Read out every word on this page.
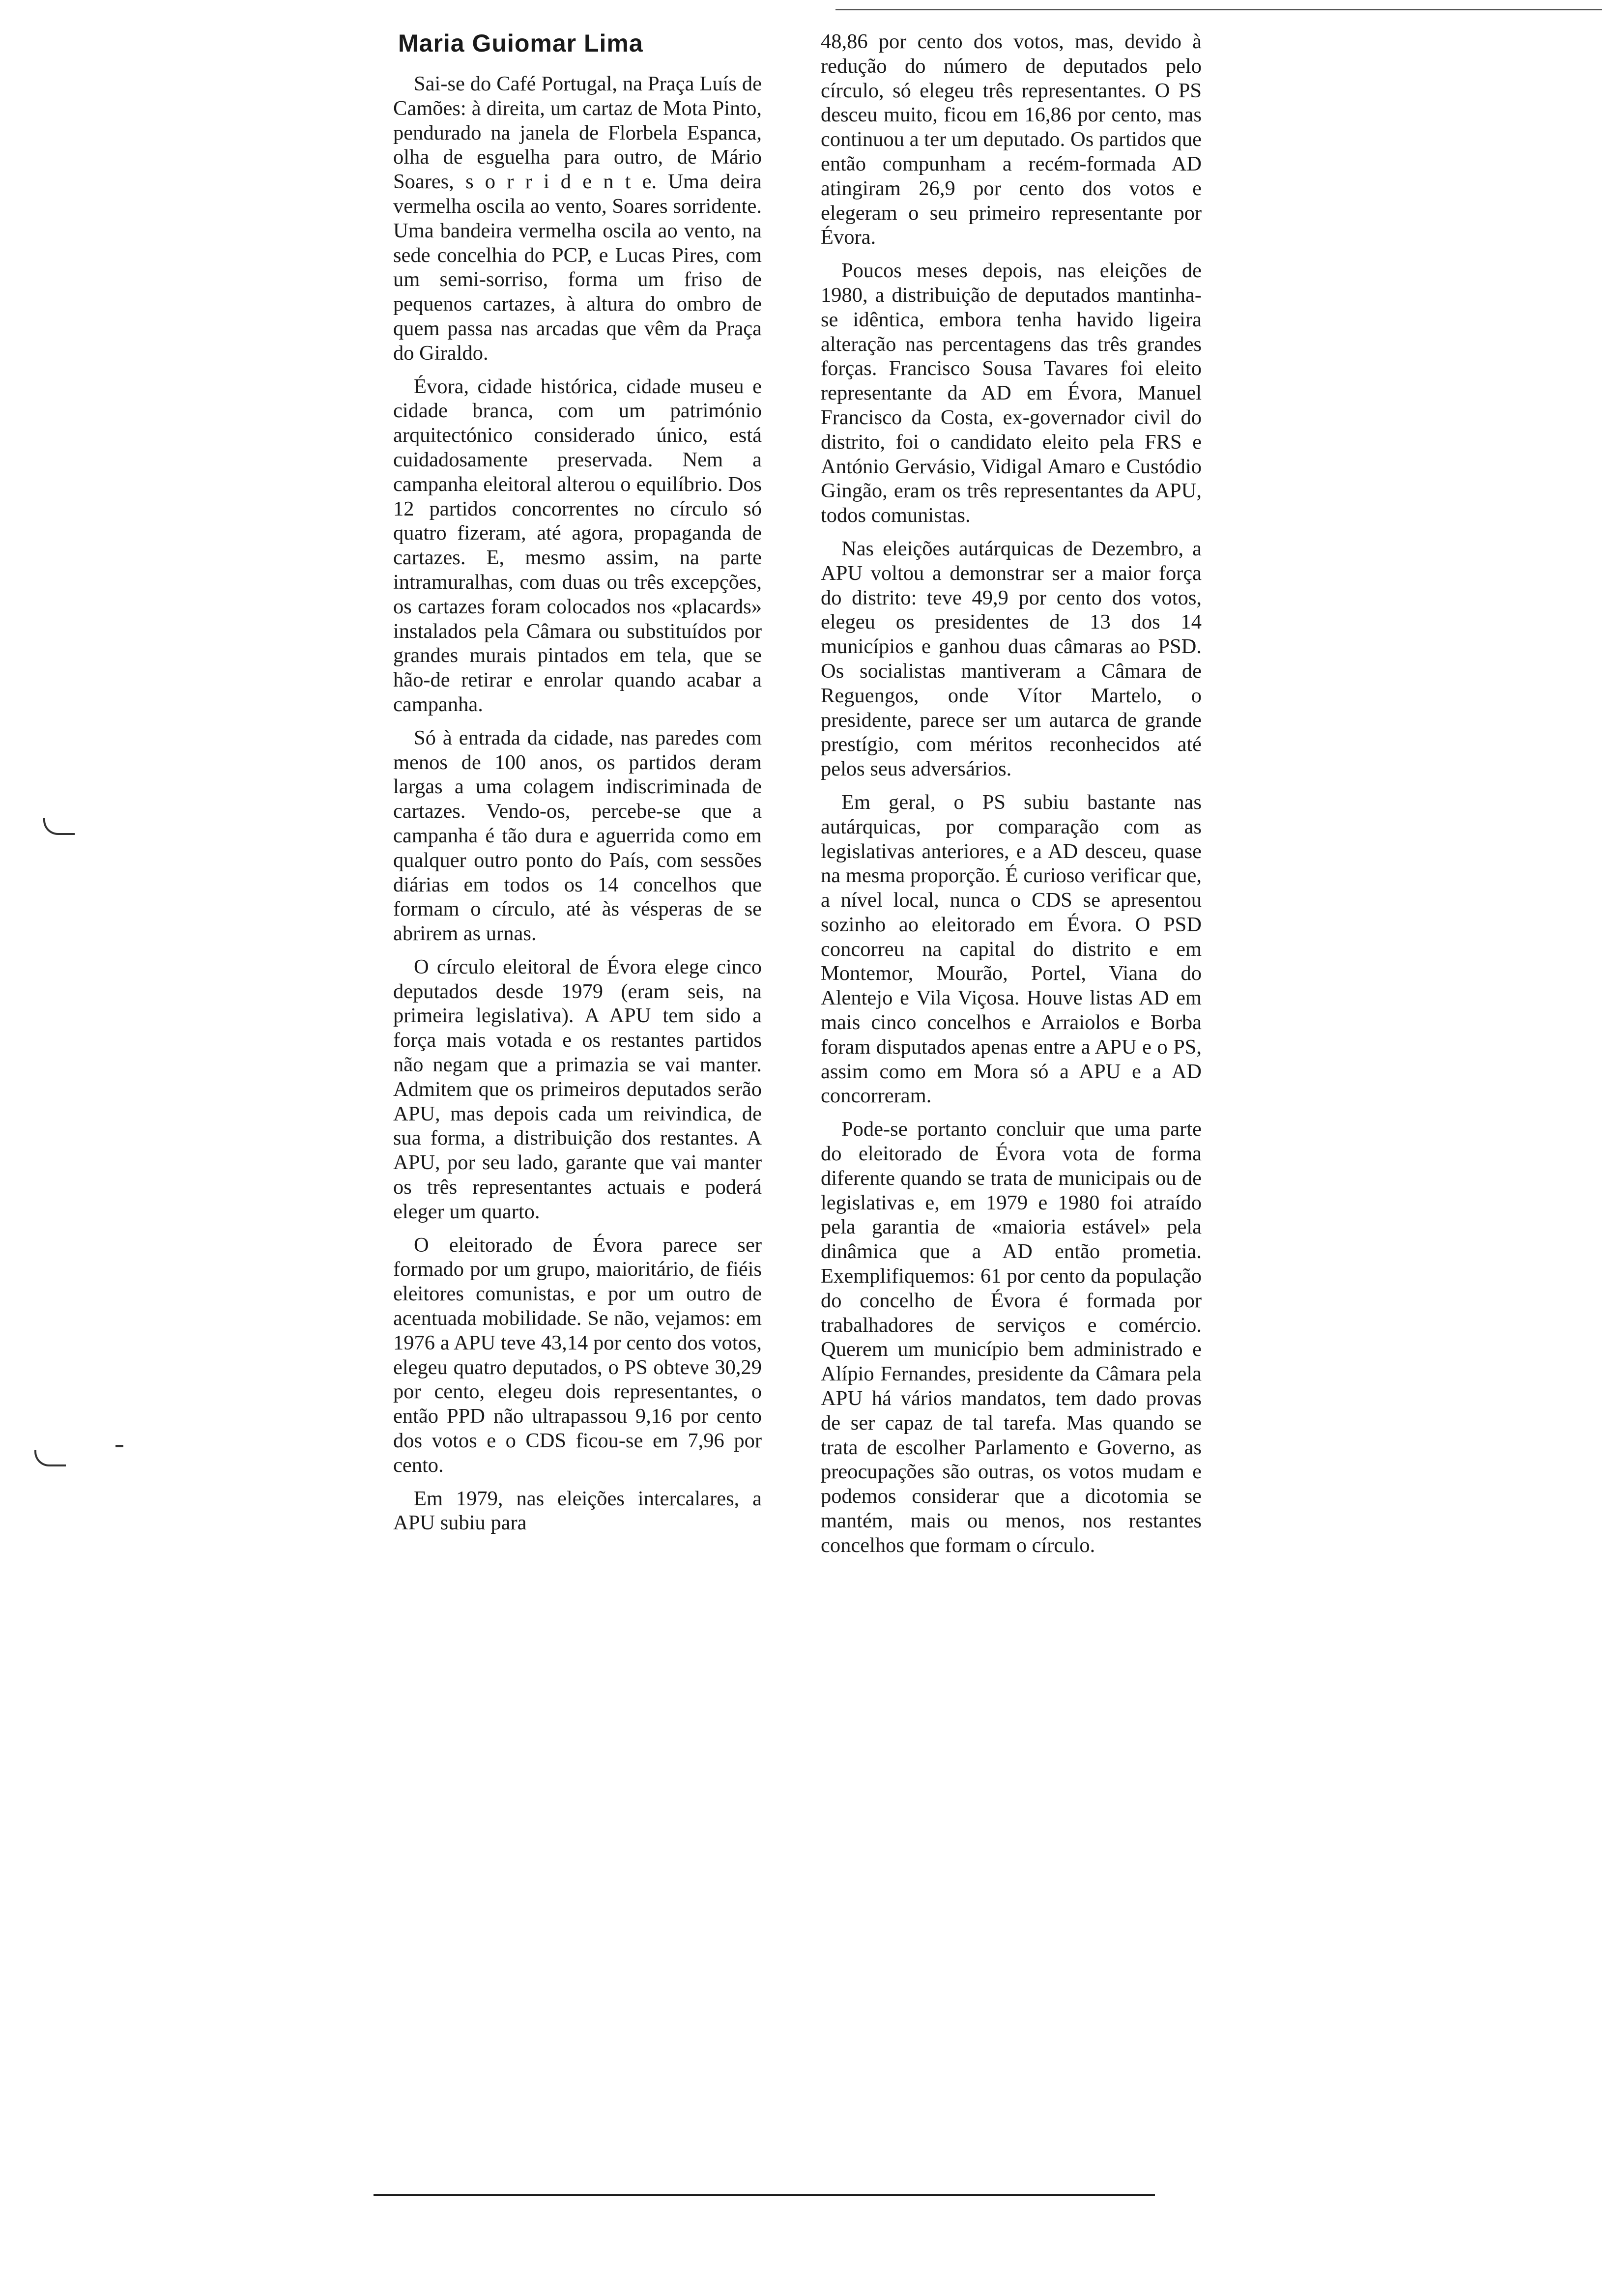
Maria Guiomar Lima

Sai-se do Café Portugal, na Praça Luís de Camões: à direita, um cartaz de Mota Pinto, pendurado na janela de Florbela Espanca, olha de esguelha para outro, de Mário Soares, s o r r i d e n t e. Uma deira vermelha oscila ao vento, Soares sorridente. Uma bandeira vermelha oscila ao vento, na sede concelhia do PCP, e Lucas Pires, com um semi-sorriso, forma um friso de pequenos cartazes, à altura do ombro de quem passa nas arcadas que vêm da Praça do Giraldo.

Évora, cidade histórica, cidade museu e cidade branca, com um património arquitectónico considerado único, está cuidadosamente preservada. Nem a campanha eleitoral alterou o equilíbrio. Dos 12 partidos concorrentes no círculo só quatro fizeram, até agora, propaganda de cartazes. E, mesmo assim, na parte intramuralhas, com duas ou três excepções, os cartazes foram colocados nos «placards» instalados pela Câmara ou substituídos por grandes murais pintados em tela, que se hão-de retirar e enrolar quando acabar a campanha.

Só à entrada da cidade, nas paredes com menos de 100 anos, os partidos deram largas a uma colagem indiscriminada de cartazes. Vendo-os, percebe-se que a campanha é tão dura e aguerrida como em qualquer outro ponto do País, com sessões diárias em todos os 14 concelhos que formam o círculo, até às vésperas de se abrirem as urnas.

O círculo eleitoral de Évora elege cinco deputados desde 1979 (eram seis, na primeira legislativa). A APU tem sido a força mais votada e os restantes partidos não negam que a primazia se vai manter. Admitem que os primeiros deputados serão APU, mas depois cada um reivindica, de sua forma, a distribuição dos restantes. A APU, por seu lado, garante que vai manter os três representantes actuais e poderá eleger um quarto.

O eleitorado de Évora parece ser formado por um grupo, maioritário, de fiéis eleitores comunistas, e por um outro de acentuada mobilidade. Se não, vejamos: em 1976 a APU teve 43,14 por cento dos votos, elegeu quatro deputados, o PS obteve 30,29 por cento, elegeu dois representantes, o então PPD não ultrapassou 9,16 por cento dos votos e o CDS ficou-se em 7,96 por cento.

Em 1979, nas eleições intercalares, a APU subiu para

48,86 por cento dos votos, mas, devido à redução do número de deputados pelo círculo, só elegeu três representantes. O PS desceu muito, ficou em 16,86 por cento, mas continuou a ter um deputado. Os partidos que então compunham a recém-formada AD atingiram 26,9 por cento dos votos e elegeram o seu primeiro representante por Évora.

Poucos meses depois, nas eleições de 1980, a distribuição de deputados mantinha-se idêntica, embora tenha havido ligeira alteração nas percentagens das três grandes forças. Francisco Sousa Tavares foi eleito representante da AD em Évora, Manuel Francisco da Costa, ex-governador civil do distrito, foi o candidato eleito pela FRS e António Gervásio, Vidigal Amaro e Custódio Gingão, eram os três representantes da APU, todos comunistas.

Nas eleições autárquicas de Dezembro, a APU voltou a demonstrar ser a maior força do distrito: teve 49,9 por cento dos votos, elegeu os presidentes de 13 dos 14 municípios e ganhou duas câmaras ao PSD. Os socialistas mantiveram a Câmara de Reguengos, onde Vítor Martelo, o presidente, parece ser um autarca de grande prestígio, com méritos reconhecidos até pelos seus adversários.

Em geral, o PS subiu bastante nas autárquicas, por comparação com as legislativas anteriores, e a AD desceu, quase na mesma proporção. É curioso verificar que, a nível local, nunca o CDS se apresentou sozinho ao eleitorado em Évora. O PSD concorreu na capital do distrito e em Montemor, Mourão, Portel, Viana do Alentejo e Vila Viçosa. Houve listas AD em mais cinco concelhos e Arraiolos e Borba foram disputados apenas entre a APU e o PS, assim como em Mora só a APU e a AD concorreram.

Pode-se portanto concluir que uma parte do eleitorado de Évora vota de forma diferente quando se trata de municipais ou de legislativas e, em 1979 e 1980 foi atraído pela garantia de «maioria estável» pela dinâmica que a AD então prometia. Exemplifiquemos: 61 por cento da população do concelho de Évora é formada por trabalhadores de serviços e comércio. Querem um município bem administrado e Alípio Fernandes, presidente da Câmara pela APU há vários mandatos, tem dado provas de ser capaz de tal tarefa. Mas quando se trata de escolher Parlamento e Governo, as preocupações são outras, os votos mudam e podemos considerar que a dicotomia se mantém, mais ou menos, nos restantes concelhos que formam o círculo.
